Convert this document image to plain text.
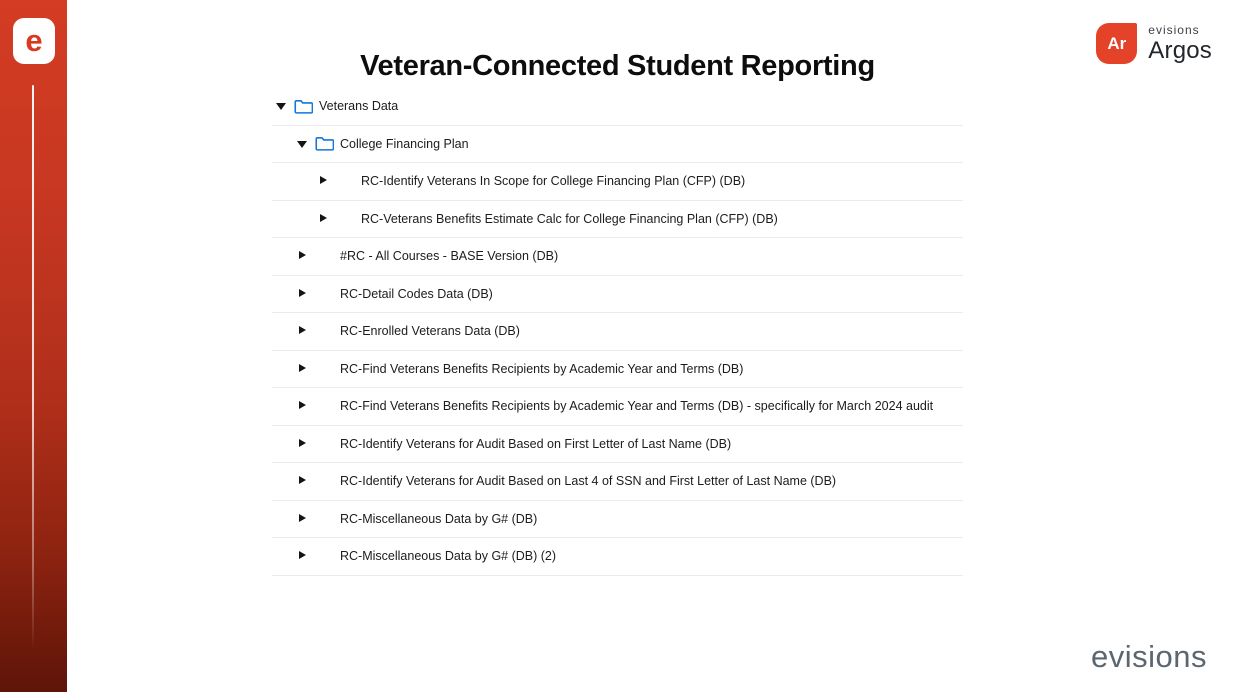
e	Ar
evisions
Argos
Veteran-Connected Student Reporting
Veterans Data
College Financing Plan
RC-Identify Veterans In Scope for College Financing Plan (CFP) (DB)
RC-Veterans Benefits Estimate Calc for College Financing Plan (CFP) (DB)
#RC - All Courses - BASE Version (DB)
RC-Detail Codes Data (DB)
RC-Enrolled Veterans Data (DB)
RC-Find Veterans Benefits Recipients by Academic Year and Terms (DB)
RC-Find Veterans Benefits Recipients by Academic Year and Terms (DB) - specifically for March 2024 audit
RC-Identify Veterans for Audit Based on First Letter of Last Name (DB)
RC-Identify Veterans for Audit Based on Last 4 of SSN and First Letter of Last Name (DB)
RC-Miscellaneous Data by G# (DB)
RC-Miscellaneous Data by G# (DB) (2)
evisions
